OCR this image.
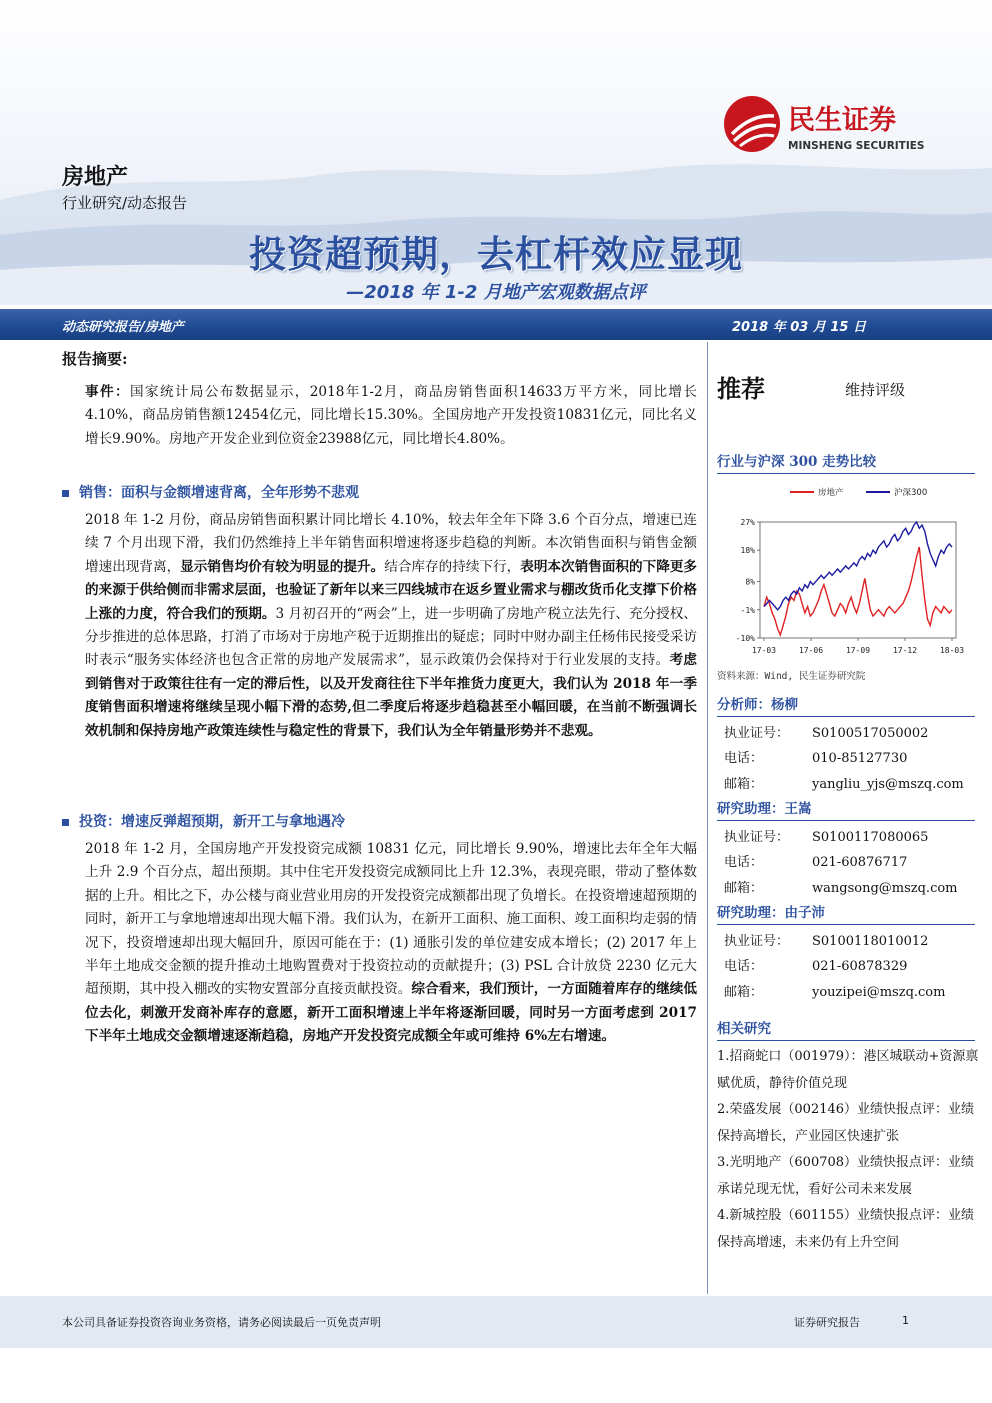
民生证券
MINSHENG SECURITIES
房地产
行业研究/动态报告
投资超预期，去杠杆效应显现
—2018 年 1-2 月地产宏观数据点评
动态研究报告/房地产	2018 年 03 月 15 日
报告摘要:
事件：国家统计局公布数据显示，2018年1-2月，商品房销售面积14633万平方米，同比增长4.10%，商品房销售额12454亿元，同比增长15.30%。全国房地产开发投资10831亿元，同比名义增长9.90%。房地产开发企业到位资金23988亿元，同比增长4.80%。
销售：面积与金额增速背离，全年形势不悲观
2018 年 1-2 月份，商品房销售面积累计同比增长 4.10%，较去年全年下降 3.6 个百分点，增速已连续 7 个月出现下滑，我们仍然维持上半年销售面积增速将逐步趋稳的判断。本次销售面积与销售金额增速出现背离，显示销售均价有较为明显的提升。结合库存的持续下行，表明本次销售面积的下降更多的来源于供给侧而非需求层面，也验证了新年以来三四线城市在返乡置业需求与棚改货币化支撑下价格上涨的力度，符合我们的预期。3 月初召开的“两会”上，进一步明确了房地产税立法先行、充分授权、分步推进的总体思路，打消了市场对于房地产税于近期推出的疑虑；同时中财办副主任杨伟民接受采访时表示“服务实体经济也包含正常的房地产发展需求”，显示政策仍会保持对于行业发展的支持。考虑到销售对于政策往往有一定的滞后性，以及开发商往往下半年推货力度更大，我们认为 2018 年一季度销售面积增速将继续呈现小幅下滑的态势,但二季度后将逐步趋稳甚至小幅回暖，在当前不断强调长效机制和保持房地产政策连续性与稳定性的背景下，我们认为全年销量形势并不悲观。
投资：增速反弹超预期，新开工与拿地遇冷
2018 年 1-2 月，全国房地产开发投资完成额 10831 亿元，同比增长 9.90%，增速比去年全年大幅上升 2.9 个百分点，超出预期。其中住宅开发投资完成额同比上升 12.3%，表现亮眼，带动了整体数据的上升。相比之下，办公楼与商业营业用房的开发投资完成额都出现了负增长。在投资增速超预期的同时，新开工与拿地增速却出现大幅下滑。我们认为，在新开工面积、施工面积、竣工面积均走弱的情况下，投资增速却出现大幅回升，原因可能在于：(1) 通胀引发的单位建安成本增长；(2) 2017 年上半年土地成交金额的提升推动土地购置费对于投资拉动的贡献提升；(3) PSL 合计放贷 2230 亿元大超预期，其中投入棚改的实物安置部分直接贡献投资。综合看来，我们预计，一方面随着库存的继续低位去化，刺激开发商补库存的意愿，新开工面积增速上半年将逐渐回暖，同时另一方面考虑到 2017 下半年土地成交金额增速逐渐趋稳，房地产开发投资完成额全年或可维持 6%左右增速。
推荐	维持评级
行业与沪深 300 走势比较
27%
18%
8%
-1%
-10%
17-03	17-06	17-09	17-12	18-03
房地产	沪深300
资料来源：Wind, 民生证券研究院
分析师：杨柳
执业证号： S0100517050002
电话：	010-85127730
邮箱：	yangliu_yjs@mszq.com
研究助理：王嵩
执业证号： S0100117080065
电话：	021-60876717
邮箱：	wangsong@mszq.com
研究助理：由子沛
执业证号： S0100118010012
电话：	021-60878329
邮箱：	youzipei@mszq.com
相关研究
1.招商蛇口（001979）：港区城联动+资源禀赋优质，静待价值兑现
2.荣盛发展（002146）业绩快报点评：业绩保持高增长，产业园区快速扩张
3.光明地产（600708）业绩快报点评：业绩承诺兑现无忧，看好公司未来发展
4.新城控股（601155）业绩快报点评：业绩保持高增速，未来仍有上升空间
本公司具备证券投资咨询业务资格，请务必阅读最后一页免责声明	证券研究报告	1
